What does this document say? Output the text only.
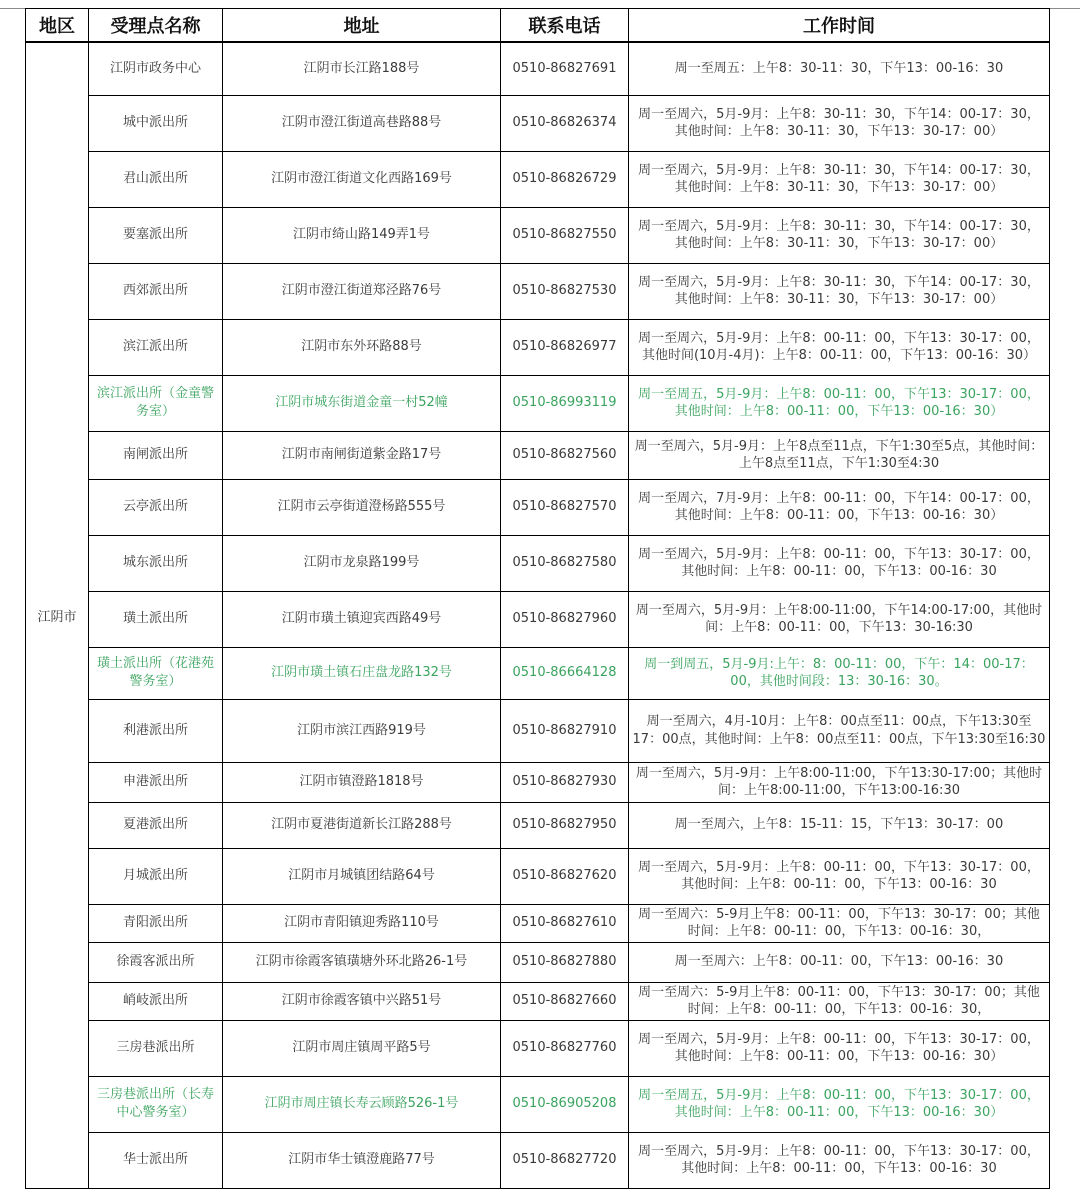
地区	受理点名称	地址	联系电话	工作时间
江阴市	江阴市政务中心	江阴市长江路188号	0510-86827691	周一至周五：上午8：30-11：30，下午13：00-16：30
	城中派出所	江阴市澄江街道高巷路88号	0510-86826374	周一至周六，5月-9月：上午8：30-11：30，下午14：00-17：30，其他时间：上午8：30-11：30，下午13：30-17：00）
	君山派出所	江阴市澄江街道文化西路169号	0510-86826729	周一至周六，5月-9月：上午8：30-11：30，下午14：00-17：30，其他时间：上午8：30-11：30，下午13：30-17：00）
	要塞派出所	江阴市绮山路149弄1号	0510-86827550	周一至周六，5月-9月：上午8：30-11：30，下午14：00-17：30，其他时间：上午8：30-11：30，下午13：30-17：00）
	西郊派出所	江阴市澄江街道郑泾路76号	0510-86827530	周一至周六，5月-9月：上午8：30-11：30，下午14：00-17：30，其他时间：上午8：30-11：30，下午13：30-17：00）
	滨江派出所	江阴市东外环路88号	0510-86826977	周一至周六，5月-9月：上午8：00-11：00，下午13：30-17：00，其他时间(10月-4月)：上午8：00-11：00，下午13：00-16：30）
	滨江派出所（金童警务室）	江阴市城东街道金童一村52幢	0510-86993119	周一至周五，5月-9月：上午8：00-11：00，下午13：30-17：00，其他时间：上午8：00-11：00，下午13：00-16：30）
	南闸派出所	江阴市南闸街道紫金路17号	0510-86827560	周一至周六，5月-9月：上午8点至11点，下午1:30至5点，其他时间：上午8点至11点，下午1:30至4:30
	云亭派出所	江阴市云亭街道澄杨路555号	0510-86827570	周一至周六，7月-9月：上午8：00-11：00，下午14：00-17：00，其他时间：上午8：00-11：00，下午13：00-16：30）
	城东派出所	江阴市龙泉路199号	0510-86827580	周一至周六，5月-9月：上午8：00-11：00，下午13：30-17：00，其他时间：上午8：00-11：00，下午13：00-16：30
	璜土派出所	江阴市璜土镇迎宾西路49号	0510-86827960	周一至周六，5月-9月：上午8:00-11:00，下午14:00-17:00，其他时间：上午8：00-11：00，下午13：30-16:30
	璜土派出所（花港苑警务室）	江阴市璜土镇石庄盘龙路132号	0510-86664128	周一到周五，5月-9月:上午：8：00-11：00，下午：14：00-17：00，其他时间段：13：30-16：30。
	利港派出所	江阴市滨江西路919号	0510-86827910	周一至周六，4月-10月：上午8：00点至11：00点，下午13:30至17：00点，其他时间：上午8：00点至11：00点，下午13:30至16:30
	申港派出所	江阴市镇澄路1818号	0510-86827930	周一至周六，5月-9月：上午8:00-11:00，下午13:30-17:00；其他时间：上午8:00-11:00，下午13:00-16:30
	夏港派出所	江阴市夏港街道新长江路288号	0510-86827950	周一至周六，上午8：15-11：15，下午13：30-17：00
	月城派出所	江阴市月城镇团结路64号	0510-86827620	周一至周六，5月-9月：上午8：00-11：00，下午13：30-17：00，其他时间：上午8：00-11：00，下午13：00-16：30
	青阳派出所	江阴市青阳镇迎秀路110号	0510-86827610	周一至周六：5-9月上午8：00-11：00，下午13：30-17：00；其他时间：上午8：00-11：00，下午13：00-16：30，
	徐霞客派出所	江阴市徐霞客镇璜塘外环北路26-1号	0510-86827880	周一至周六：上午8：00-11：00，下午13：00-16：30
	峭岐派出所	江阴市徐霞客镇中兴路51号	0510-86827660	周一至周六：5-9月上午8：00-11：00，下午13：30-17：00；其他时间：上午8：00-11：00，下午13：00-16：30，
	三房巷派出所	江阴市周庄镇周平路5号	0510-86827760	周一至周六，5月-9月：上午8：00-11：00，下午13：30-17：00，其他时间：上午8：00-11：00，下午13：00-16：30）
	三房巷派出所（长寿中心警务室）	江阴市周庄镇长寿云顾路526-1号	0510-86905208	周一至周五，5月-9月：上午8：00-11：00，下午13：30-17：00，其他时间：上午8：00-11：00，下午13：00-16：30）
	华士派出所	江阴市华士镇澄鹿路77号	0510-86827720	周一至周六，5月-9月：上午8：00-11：00，下午13：30-17：00，其他时间：上午8：00-11：00，下午13：00-16：30
